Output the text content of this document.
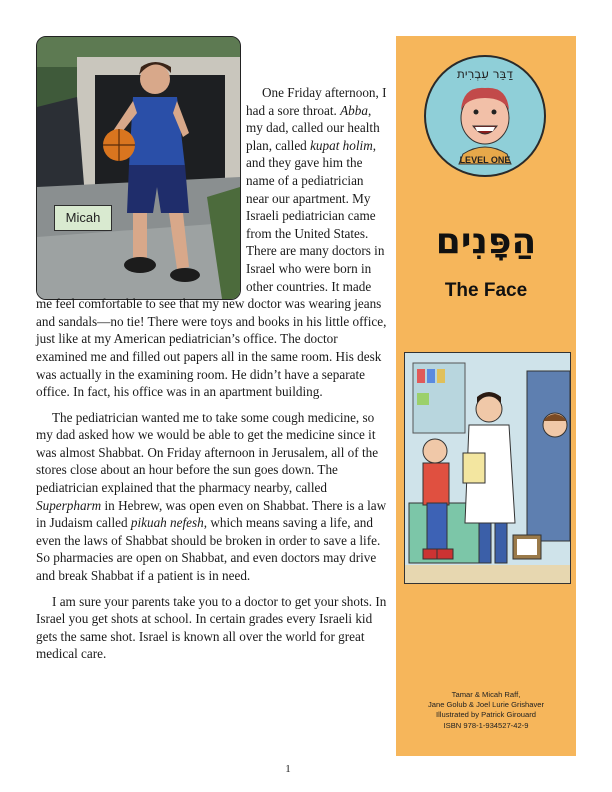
Micah

One Friday afternoon, I had a sore throat. Abba, my dad, called our health plan, called kupat holim, and they gave him the name of a pediatrician near our apartment. My Israeli pediatrician came from the United States. There are many doctors in Israel who were born in other countries. It made me feel comfortable to see that my new doctor was wearing jeans and sandals—no tie! There were toys and books in his little office, just like at my American pediatrician’s office. The doctor examined me and filled out papers all in the same room. His desk was actually in the examining room. He didn’t have a separate office. In fact, his office was in an apartment building.

The pediatrician wanted me to take some cough medicine, so my dad asked how we would be able to get the medicine since it was almost Shabbat. On Friday afternoon in Jerusalem, all of the stores close about an hour before the sun goes down. The pediatrician explained that the pharmacy nearby, called Superpharm in Hebrew, was open even on Shabbat. There is a law in Judaism called pikuah nefesh, which means saving a life, and even the laws of Shabbat should be broken in order to save a life. So pharmacies are open on Shabbat, and even doctors may drive and break Shabbat if a patient is in need.

I am sure your parents take you to a doctor to get your shots. In Israel you get shots at school. In certain grades every Israeli kid gets the same shot. Israel is known all over the world for great medical care.

1
דַבֵּר עִבְרִית
LEVEL ONE
הַפָּנִים
The Face
Tamar & Micah Raff,
Jane Golub & Joel Lurie Grishaver
Illustrated by Patrick Girouard
ISBN 978-1-934527-42-9
